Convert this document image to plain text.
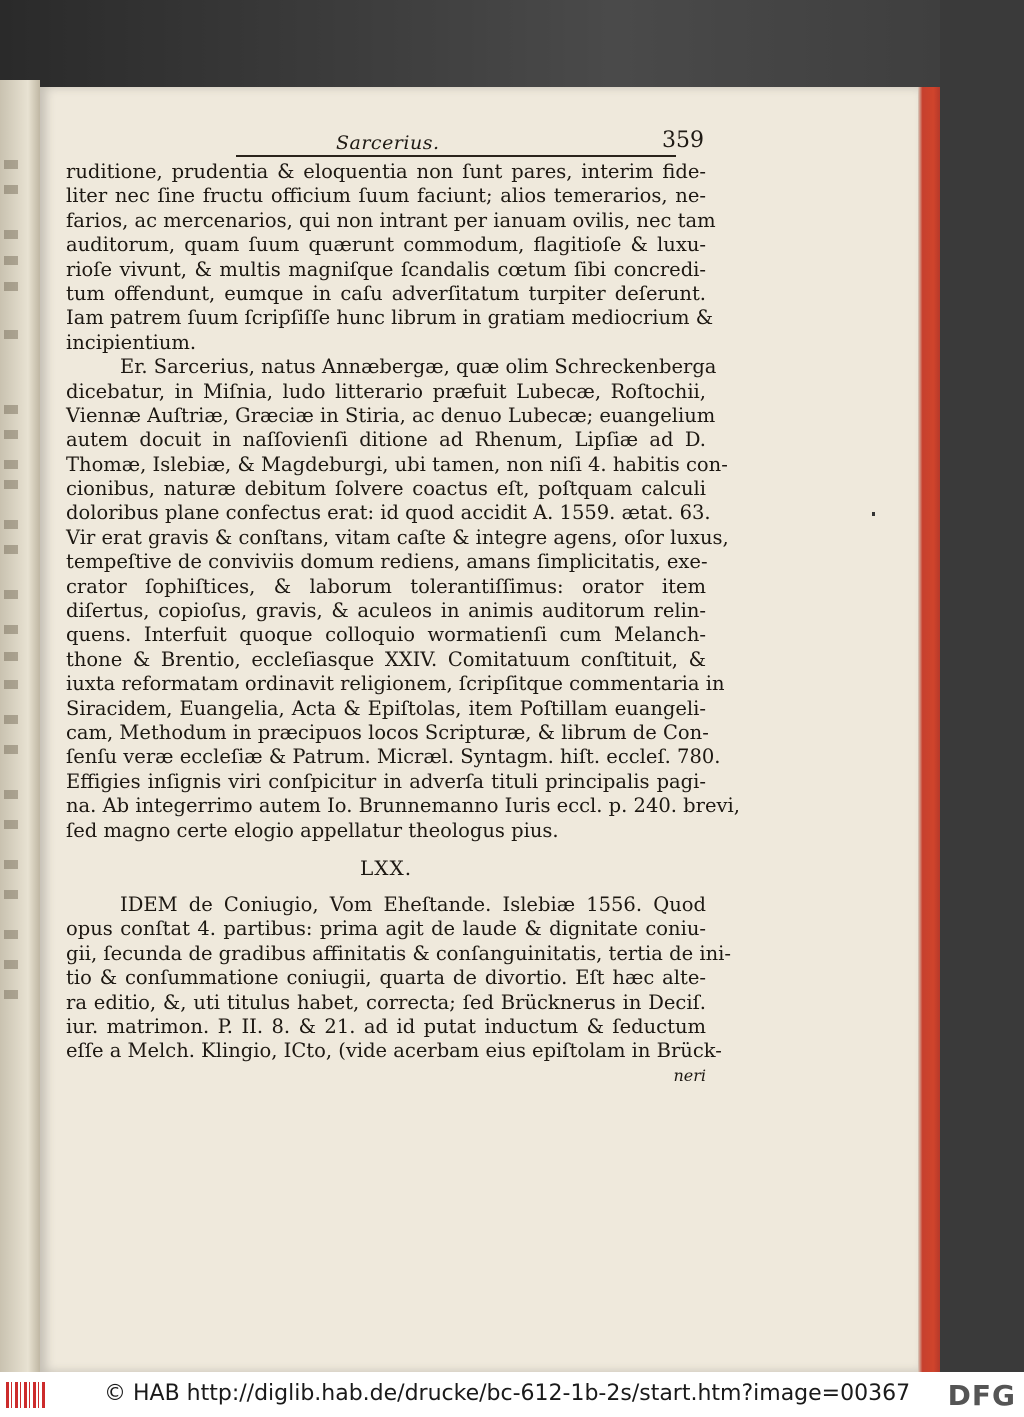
Sarcerius.	359
ruditione, prudentia & eloquentia non ſunt pares, interim fide-
liter nec ſine fructu officium ſuum faciunt; alios temerarios, ne-
farios, ac mercenarios, qui non intrant per ianuam ovilis, nec tam
auditorum, quam ſuum quærunt commodum, flagitioſe & luxu-
rioſe vivunt, & multis magniſque ſcandalis cœtum ſibi concredi-
tum offendunt, eumque in caſu adverſitatum turpiter deſerunt.
Iam patrem ſuum ſcripſiſſe hunc librum in gratiam mediocrium &
incipientium.
Er. Sarcerius, natus Annæbergæ, quæ olim Schreckenberga
dicebatur, in Miſnia, ludo litterario præfuit Lubecæ, Roſtochii,
Viennæ Auſtriæ, Græciæ in Stiria, ac denuo Lubecæ; euangelium
autem docuit in naſſovienſi ditione ad Rhenum, Lipſiæ ad D.
Thomæ, Islebiæ, & Magdeburgi, ubi tamen, non niſi 4. habitis con-
cionibus, naturæ debitum ſolvere coactus eſt, poſtquam calculi
doloribus plane confectus erat: id quod accidit A. 1559. ætat. 63.
Vir erat gravis & conſtans, vitam caſte & integre agens, oſor luxus,
tempeſtive de conviviis domum rediens, amans ſimplicitatis, exe-
crator ſophiſtices, & laborum tolerantiſſimus: orator item
diſertus, copioſus, gravis, & aculeos in animis auditorum relin-
quens. Interfuit quoque colloquio wormatienſi cum Melanch-
thone & Brentio, eccleſiasque XXIV. Comitatuum conſtituit, &
iuxta reformatam ordinavit religionem, ſcripſitque commentaria in
Siracidem, Euangelia, Acta & Epiſtolas, item Poſtillam euangeli-
cam, Methodum in præcipuos locos Scripturæ, & librum de Con-
ſenſu veræ eccleſiæ & Patrum. Micræl. Syntagm. hiſt. eccleſ. 780.
Effigies inſignis viri conſpicitur in adverſa tituli principalis pagi-
na. Ab integerrimo autem Io. Brunnemanno Iuris eccl. p. 240. brevi,
ſed magno certe elogio appellatur theologus pius.
LXX.
IDEM de Coniugio, Vom Eheſtande. Islebiæ 1556. Quod
opus conſtat 4. partibus: prima agit de laude & dignitate coniu-
gii, ſecunda de gradibus affinitatis & conſanguinitatis, tertia de ini-
tio & conſummatione coniugii, quarta de divortio. Eſt hæc alte-
ra editio, &, uti titulus habet, correcta; ſed Brücknerus in Deciſ.
iur. matrimon. P. II. 8. & 21. ad id putat inductum & ſeductum
eſſe a Melch. Klingio, ICto, (vide acerbam eius epiſtolam in Brück-
neri
© HAB http://diglib.hab.de/drucke/bc-612-1b-2s/start.htm?image=00367 DFG
